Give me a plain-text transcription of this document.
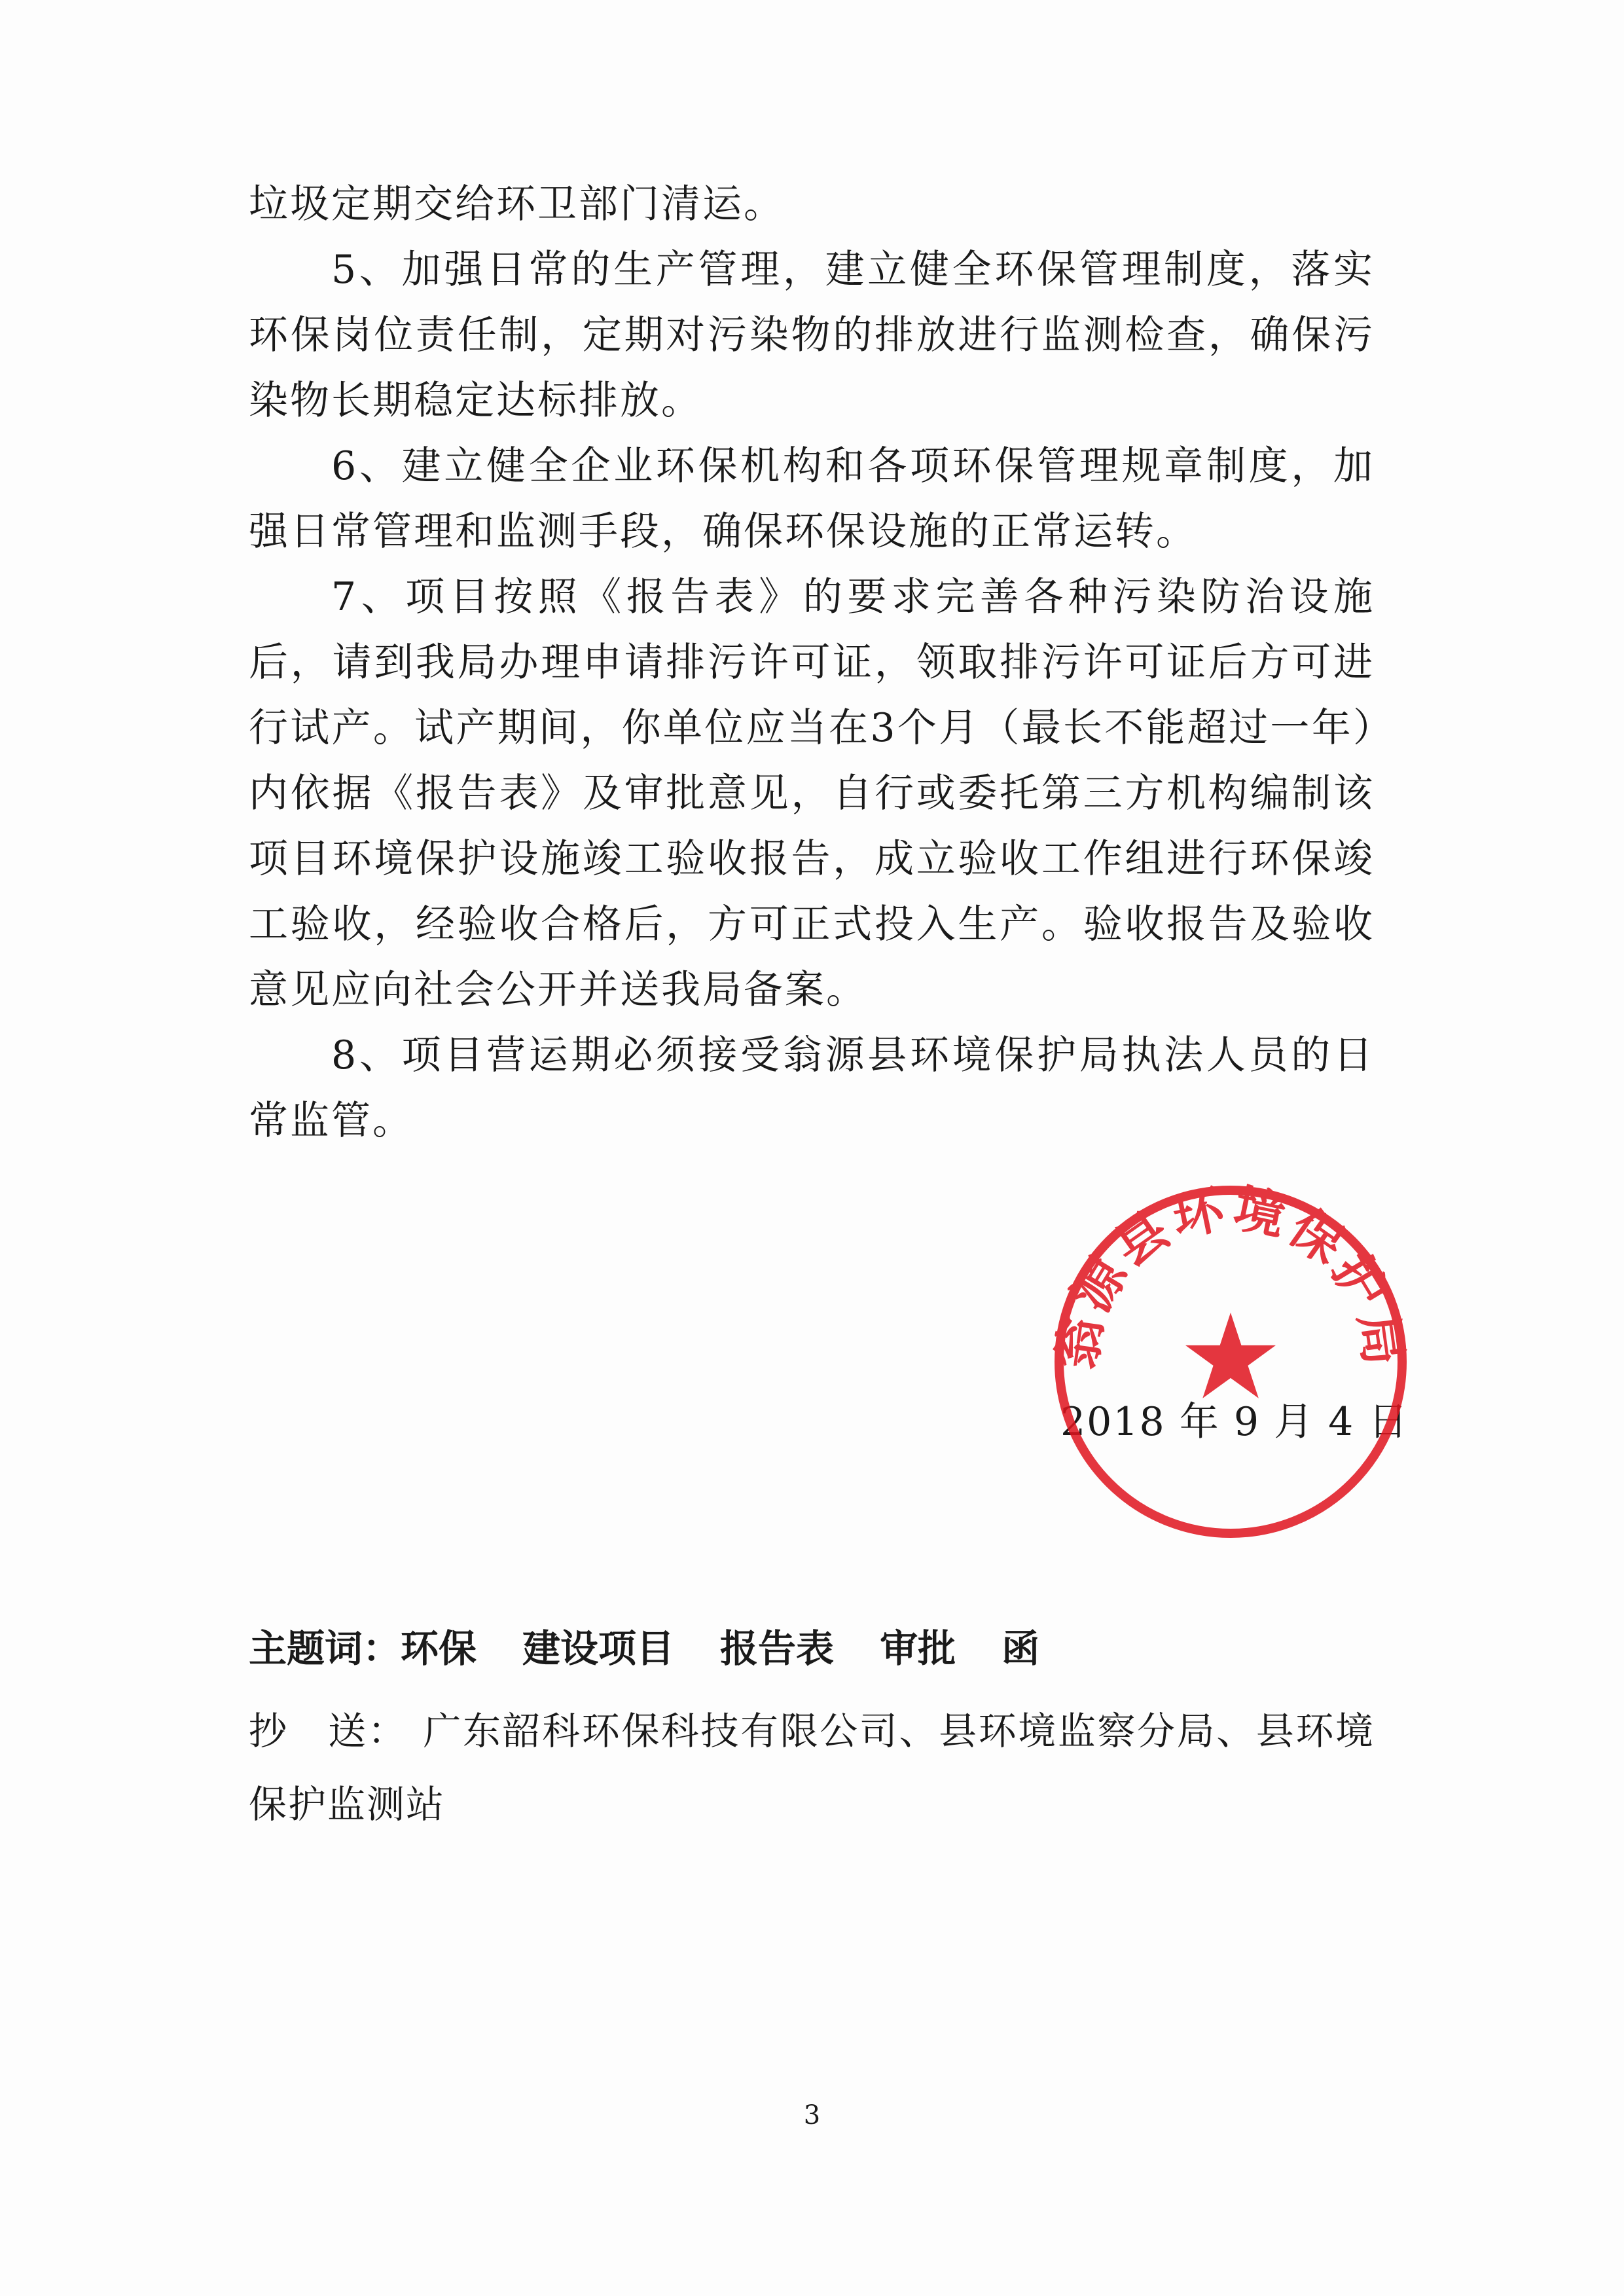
垃圾定期交给环卫部门清运。

5、加强日常的生产管理，建立健全环保管理制度，落实环保岗位责任制，定期对污染物的排放进行监测检查，确保污染物长期稳定达标排放。

6、建立健全企业环保机构和各项环保管理规章制度，加强日常管理和监测手段，确保环保设施的正常运转。

7、项目按照《报告表》的要求完善各种污染防治设施后，请到我局办理申请排污许可证，领取排污许可证后方可进行试产。试产期间，你单位应当在3个月（最长不能超过一年）内依据《报告表》及审批意见，自行或委托第三方机构编制该项目环境保护设施竣工验收报告，成立验收工作组进行环保竣工验收，经验收合格后，方可正式投入生产。验收报告及验收意见应向社会公开并送我局备案。

8、项目营运期必须接受翁源县环境保护局执法人员的日常监管。

2018 年 9 月 4 日
翁源县环境保护局
★
主题词：环保 建设项目 报告表 审批 函
抄　送： 广东韶科环保科技有限公司、县环境监察分局、县环境保护监测站
3
